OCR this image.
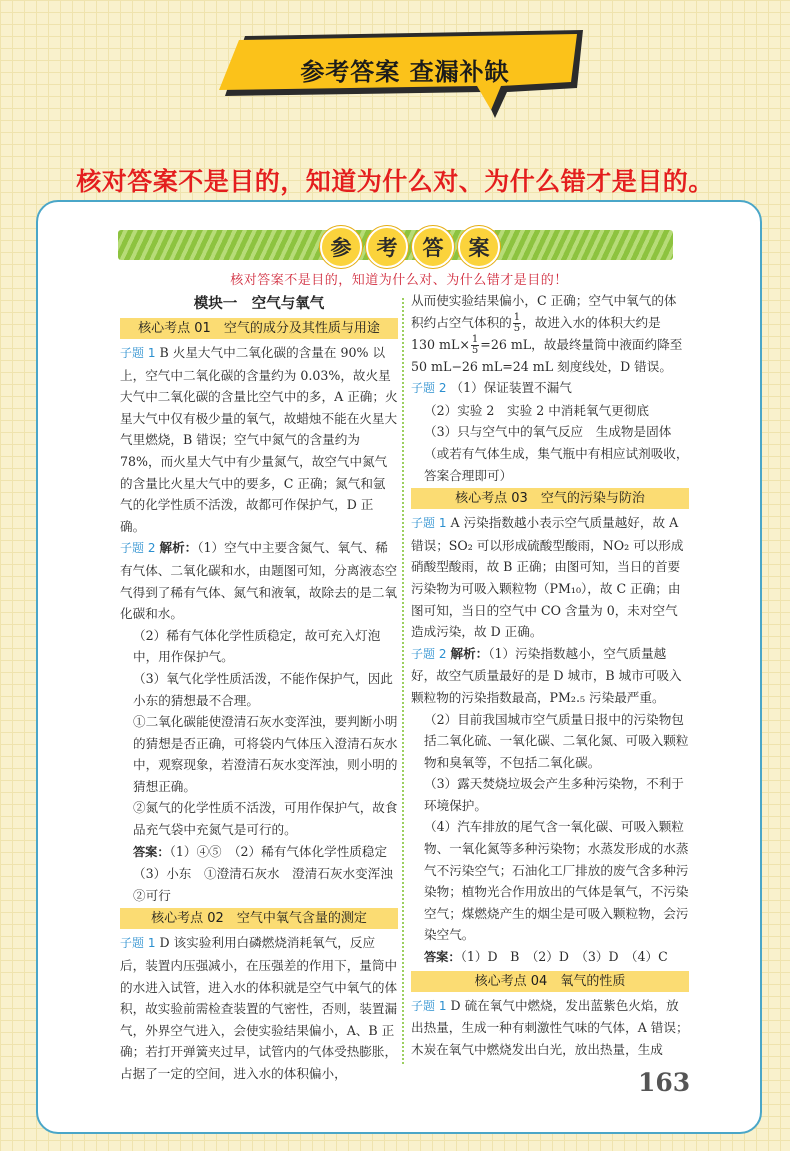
参考答案 查漏补缺
核对答案不是目的，知道为什么对、为什么错才是目的。
参	考	答	案
核对答案不是目的，知道为什么对、为什么错才是目的！
模块一　空气与氧气
核心考点 01　空气的成分及其性质与用途

子题 1 B 火星大气中二氧化碳的含量在 90% 以上，空气中二氧化碳的含量约为 0.03%，故火星大气中二氧化碳的含量比空气中的多，A 正确；火星大气中仅有极少量的氧气，故蜡烛不能在火星大气里燃烧，B 错误；空气中氮气的含量约为 78%，而火星大气中有少量氮气，故空气中氮气的含量比火星大气中的要多，C 正确；氮气和氩气的化学性质不活泼，故都可作保护气，D 正确。

子题 2 解析：（1）空气中主要含氮气、氧气、稀有气体、二氧化碳和水，由题图可知，分离液态空气得到了稀有气体、氮气和液氧，故除去的是二氧化碳和水。

（2）稀有气体化学性质稳定，故可充入灯泡中，用作保护气。

（3）氧气化学性质活泼，不能作保护气，因此小东的猜想最不合理。

①二氧化碳能使澄清石灰水变浑浊，要判断小明的猜想是否正确，可将袋内气体压入澄清石灰水中，观察现象，若澄清石灰水变浑浊，则小明的猜想正确。

②氮气的化学性质不活泼，可用作保护气，故食品充气袋中充氮气是可行的。

答案：（1）④⑤　（2）稀有气体化学性质稳定　（3）小东　①澄清石灰水　澄清石灰水变浑浊　②可行

核心考点 02　空气中氧气含量的测定

子题 1 D 该实验利用白磷燃烧消耗氧气，反应后，装置内压强减小，在压强差的作用下，量筒中的水进入试管，进入水的体积就是空气中氧气的体积，故实验前需检查装置的气密性，否则，装置漏气，外界空气进入，会使实验结果偏小，A、B 正确；若打开弹簧夹过早，试管内的气体受热膨胀，占据了一定的空间，进入水的体积偏小，

从而使实验结果偏小，C 正确；空气中氧气的体积约占空气体积的 $\frac{1}{5}$ ，故进入水的体积大约是
130 $mL\times \frac{1}{5} =26$ mL，故最终量筒中液面约降至 50 mL−26 mL=24 mL 刻度线处，D 错误。

子题 2 （1）保证装置不漏气

（2）实验 2　实验 2 中消耗氧气更彻底

（3）只与空气中的氧气反应　生成物是固体（或若有气体生成，集气瓶中有相应试剂吸收，答案合理即可）

核心考点 03　空气的污染与防治

子题 1 A 污染指数越小表示空气质量越好，故 A 错误；SO₂ 可以形成硫酸型酸雨，NO₂ 可以形成硝酸型酸雨，故 B 正确；由图可知，当日的首要污染物为可吸入颗粒物（PM₁₀），故 C 正确；由图可知，当日的空气中 CO 含量为 0，未对空气造成污染，故 D 正确。

子题 2 解析：（1）污染指数越小，空气质量越好，故空气质量最好的是 D 城市，B 城市可吸入颗粒物的污染指数最高，PM₂.₅ 污染最严重。

（2）目前我国城市空气质量日报中的污染物包括二氧化硫、一氧化碳、二氧化氮、可吸入颗粒物和臭氧等，不包括二氧化碳。

（3）露天焚烧垃圾会产生多种污染物，不利于环境保护。

（4）汽车排放的尾气含一氧化碳、可吸入颗粒物、一氧化氮等多种污染物；水蒸发形成的水蒸气不污染空气；石油化工厂排放的废气含多种污染物；植物光合作用放出的气体是氧气，不污染空气；煤燃烧产生的烟尘是可吸入颗粒物，会污染空气。

答案：（1）D　B　（2）D　（3）D　（4）C

核心考点 04　氧气的性质

子题 1 D 硫在氧气中燃烧，发出蓝紫色火焰，放出热量，生成一种有刺激性气味的气体，A 错误；木炭在氧气中燃烧发出白光，放出热量，生成

163
